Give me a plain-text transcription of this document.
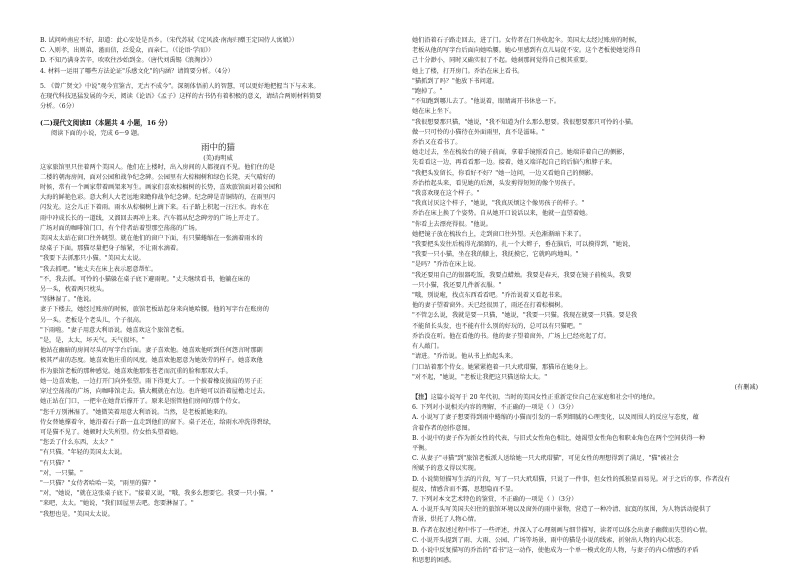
B. 试问岭南应不好，却道：此心安处是吾乡。（宋代苏轼《定风波·南海归赠王定国侍人寓娘》）
C. 入则孝，出则弟，谨而信，泛爱众，而亲仁。（《论语·学而》）
D. 不知乃满身苦辛，吹吹往沙始到金。（唐代刘禹锡《浪淘沙》）
4. 材料一运用了哪些方法论证"乐感文化"的内涵？请简要分析。（4分）
5. 《曾广贤文》中说"观今宜鉴古，无古不成今"。深刻体悟前人的智慧，可以更好地把握当下与未来。
在现代科技迅猛发展的今天，阅读《论语》《孟子》这样的古书仍有着积极的意义，请结合两则材料简要
分析。（6分）
(二)现代文阅读Ⅱ（本题共 4 小题，16 分）
阅读下面的小说，完成 6～9 题。
雨中的猫
(美)海明威
这家旅馆里只住着两个美国人。他们在上楼时，出入房间的人都视而不见。他们住的是
二楼的朝海房间，面对公园和战争纪念碑。公园里有大棕榈树和绿色长凳，天气晴好的
时候，常有一个画家带着画架来写生。画家们喜欢棕榈树的长势，喜欢旅馆面对着公园和
大海的鲜艳色彩。意大利人大老远地来瞻仰战争纪念碑。纪念碑是青铜铸的，在雨里闪
闪发光。这会儿正下着雨。雨水从棕榈树上滴下来。石子路上积起一汪汪水。海水在
雨中冲成长长的一道线，又溜回去再冲上来。汽车都从纪念碑旁的广场上开走了。
广场对面的咖啡馆门口，有个侍者站着望那空荡荡的广场。
美国太太站在窗口往外眺望。就在他们的窗户下面，有只猫蜷缩在一张滴着雨水的
绿桌子下面。那猫尽量把身子缩紧，不让雨水滴着。
"我要下去抓那只小猫。"美国太太说。
"我去抓吧。"她丈夫在床上表示愿意帮忙。
"不，我去抓。可怜的小猫躲在桌子底下避雨呢。"丈夫继续看书，他躺在床的
另一头，枕着两只枕头。
"别淋湿了。"他说。
妻子下楼去，她经过账房的时候，旅馆老板站起身来向她哈腰。他的写字台在账房的
另一头。老板是个老头儿，个子很高。
"下雨啦。"妻子用意大利语说。她喜欢这个旅馆老板。
"是，是，太太，坏天气。天气很坏。"
他站在幽暗的房间尽头的写字台后面。妻子喜欢他。她喜欢他听到任何怨言时那副
极其严肃的态度。她喜欢他庄重的风度。她喜欢他愿意为她效劳的样子。她喜欢他
作为旅馆老板的那种感觉。她喜欢他那张苍老而沉重的脸和那双大手。
她一边喜欢他，一边打开门向外张望。雨下得更大了。一个披着橡皮披肩的男子正
穿过空荡荡的广场，向咖啡馆走去。猫大概就在右边。也许她可以沿着屋檐走过去。
她正站在门口，一把伞在她背后撑开了。原来是照管他们房间的那个侍女。
"您千万别淋湿了。"她微笑着用意大利语说。当然，是老板派她来的。
侍女替她撑着伞，她沿着石子路一直走到他们的窗下。桌子还在，给雨水冲洗得碧绿，
可是猫不见了。她顿时大失所望。侍女抬头望着她。
"您丢了什么东西，太太？"
"有只猫。"年轻的美国太太说。
"有只猫？"
"对，一只猫。"
"一只猫？"女侍者哈哈一笑，"雨里的猫？"
"对，"她说，"就在这张桌子底下。"接着又说，"哦，我多么想要它。我要一只小猫。"
"来吧，太太。"她说，"我们回屋里去吧。您要淋湿了。"
"我想也是。"美国太太说。
她们沿着石子路走回去，进了门。女侍者在门外收起伞。美国太太经过账房的时候，
老板从他的写字台后面向她哈腰。她心里感到有点儿局促不安。这个老板使她觉得自
己十分渺小，同时又确实很了不起。她刹那间觉得自己极其重要。
她上了楼，打开房门。乔治在床上看书。
"猫抓到了吗？"他放下书问道。
"跑掉了。"
"不知跑到哪儿去了。"他说着，眼睛离开书休息一下。
她在床上坐下。
"我很想要那只猫，"她说，"我不知道为什么那么想要。我很想要那只可怜的小猫。
做一只可怜的小猫待在外面雨里，真不是滋味。"
乔治又在看书了。
她走过去，坐在梳妆台的镜子前面，拿着手镜照看自己。她端详着自己的侧影，
先看看这一边，再看看那一边。接着，她又端详起自己的后脑勺和脖子来。
"我把头发留长，你看好不好？"她一边问，一边又看她自己的侧影。
乔治抬起头来，看见她的后颈，头发剪得短短的像个男孩子。
"我喜欢现在这个样子。"
"我真讨厌这个样子，"她说，"我真厌烦这个像男孩子的样子。"
乔治在床上换了个姿势。自从她开口说话以来，他就一直望着她。
"你看上去漂亮得很。"他说。
她把镜子放在梳妆台上，走到窗口往外望。天色渐渐暗下来了。
"我要把头发往后梳得光溜溜的，扎一个大辫子，垂在脑后，可以摸得到，"她说，
"我要一只小猫，坐在我的膝上，我抚摸它，它就呜呜地叫。"
"是吗？"乔治在床上说。
"我还要用自己的银器吃饭，我要点蜡烛。我要是春天，我要在镜子前梳头，我要
一只小猫，我还要几件新衣服。"
"哦，别说啦，找点东西看看吧。"乔治说着又看起书来。
他的妻子望着窗外。天已经很黑了，雨还在打着棕榈树。
"不管怎么说，我就是要一只猫，"她说，"我要一只猫。我现在就要一只猫。要是我
不能留长头发，也不能有什么别的好玩的，总可以有只猫吧。"
乔治没在听。他在看他的书。他的妻子望着窗外，广场上已经亮起了灯。
有人敲门。
"请进。"乔治说。他从书上抬起头来。
门口站着那个侍女。她紧紧抱着一只大玳瑁猫，那猫吊在她身上。
"对不起，"她说，"老板让我把这只猫送给太太。"
(有删减)
【注】这篇小说写于 20 年代初，当时的美国女性正重新定位自己在家庭和社会中的地位。
6. 下列对小说相关内容的理解，不正确的一项是（ ）（3分）
A. 小说写了妻子想要得到雨中蜷缩的小猫而引发的一系列细腻的心理变化，以及周围人的反应与态度，蕴
含着作者的创作意图。
B. 小说中的妻子作为新女性的代表，与旧式女性角色相比，她渴望女性角色和职业角色在两个空间获得一种
平衡。
C. 从妻子"寻猫"到"旅馆老板派人送给她一只大玳瑁猫"，可见女性的理想得到了满足，"猫"被社会
所赋予的意义得以实现。
D. 小说简短描写生活的片段，写了一只大玳瑁猫，只说了一件事，但女性的孤独显而易见。对于之后的事，作者没有
提及，情感含而不露，思想隐而不显。
7. 下列对本文艺术特色的鉴赏，不正确的一项是（ ）（3分）
A. 小说开头写美国夫妇住的旅馆环境以及窗外的雨中景物，营造了一种冷清、寂寞的氛围，为人物活动提供了
背景，烘托了人物心情。
B. 作者在叙述过程中作了一些评述，并深入了心理刻画与细节描写，读者可以体会出妻子幽微而失望的心情。
C. 小说开头提到了雨、大雨、公园、广场等场景，雨中的猫是小说的线索，折射出人物的内心状态。
D. 小说中反复描写的乔治的"看书"这一动作，使他成为一个单一模式化的人物，与妻子的内心情感的矛盾
和思想的困惑。
